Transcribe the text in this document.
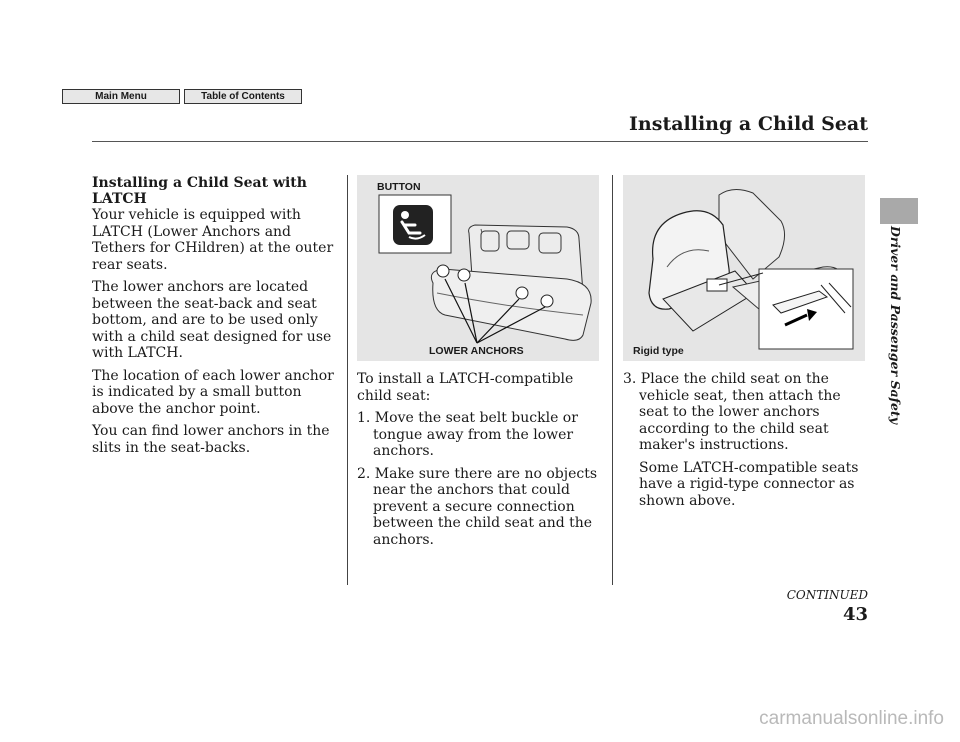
Main Menu	Table of Contents
Installing a Child Seat
Installing a Child Seat with
LATCH

Your vehicle is equipped with LATCH (Lower Anchors and Tethers for CHildren) at the outer rear seats.

The lower anchors are located between the seat-back and seat bottom, and are to be used only with a child seat designed for use with LATCH.

The location of each lower anchor is indicated by a small button above the anchor point.

You can find lower anchors in the slits in the seat-backs.

BUTTON
LOWER ANCHORS	Rigid type

To install a LATCH-compatible child seat:

1. Move the seat belt buckle or tongue away from the lower anchors.

2. Make sure there are no objects near the anchors that could prevent a secure connection between the child seat and the anchors.

3. Place the child seat on the vehicle seat, then attach the seat to the lower anchors according to the child seat maker's instructions.

Some LATCH-compatible seats have a rigid-type connector as shown above.

CONTINUED
43
Driver and Passenger Safety
carmanualsonline.info
